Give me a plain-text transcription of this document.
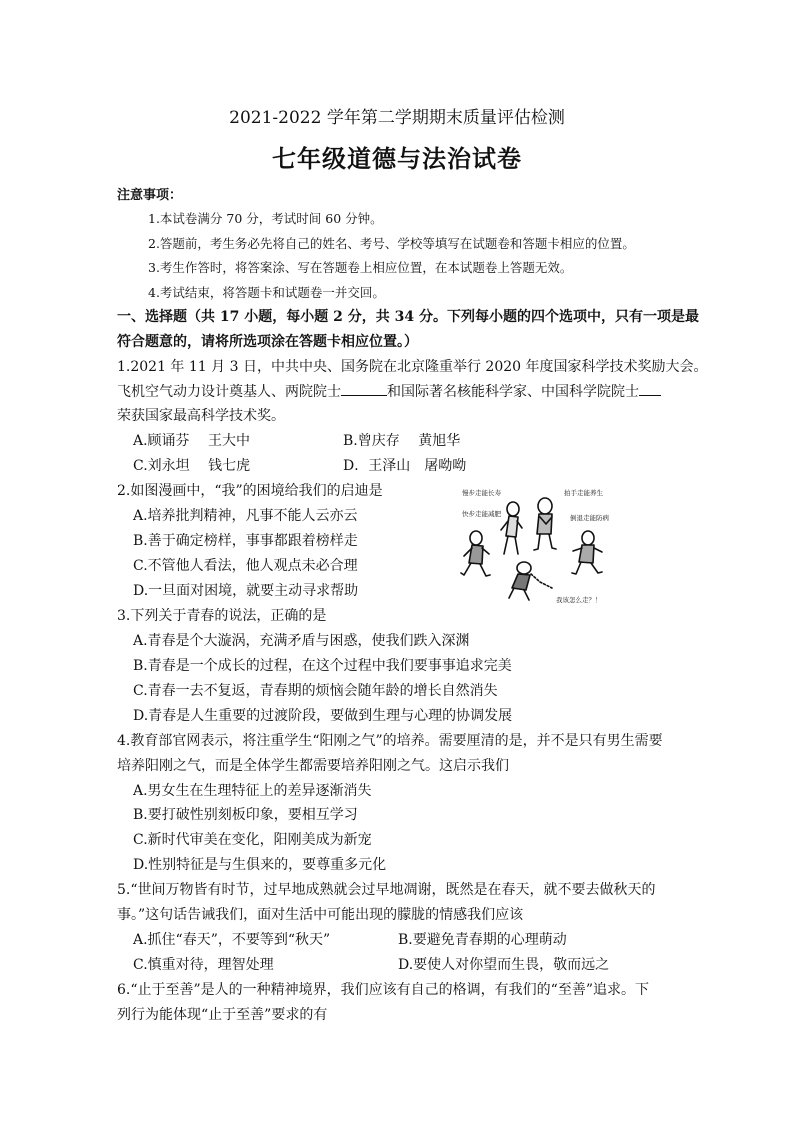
2021-2022 学年第二学期期末质量评估检测
七年级道德与法治试卷
注意事项：
1.本试卷满分 70 分，考试时间 60 分钟。
2.答题前，考生务必先将自己的姓名、考号、学校等填写在试题卷和答题卡相应的位置。
3.考生作答时，将答案涂、写在答题卷上相应位置，在本试题卷上答题无效。
4.考试结束，将答题卡和试题卷一并交回。
一、选择题（共 17 小题，每小题 2 分，共 34 分。下列每小题的四个选项中，只有一项是最
符合题意的，请将所选项涂在答题卡相应位置。）
1.2021 年 11 月 3 日，中共中央、国务院在北京隆重举行 2020 年度国家科学技术奖励大会。
飞机空气动力设计奠基人、两院院士	和国际著名核能科学家、中国科学院院士
荣获国家最高科学技术奖。
A.顾诵芬　 王大中	B.曾庆存　 黄旭华
C.刘永坦　 钱七虎	D．王泽山　屠呦呦
2.如图漫画中，“我”的困境给我们的启迪是
A.培养批判精神，凡事不能人云亦云
B.善于确定榜样，事事都跟着榜样走
C.不管他人看法，他人观点未必合理
D.一旦面对困境，就要主动寻求帮助
慢步走能长寿
快步走能减肥
拍手走能养生
倒退走能防病
我该怎么走？！
3.下列关于青春的说法，正确的是
A.青春是个大漩涡，充满矛盾与困惑，使我们跌入深渊
B.青春是一个成长的过程，在这个过程中我们要事事追求完美
C.青春一去不复返，青春期的烦恼会随年龄的增长自然消失
D.青春是人生重要的过渡阶段，要做到生理与心理的协调发展
4.教育部官网表示，将注重学生“阳刚之气”的培养。需要厘清的是，并不是只有男生需要
培养阳刚之气，而是全体学生都需要培养阳刚之气。这启示我们
A.男女生在生理特征上的差异逐渐消失
B.要打破性别刻板印象，要相互学习
C.新时代审美在变化，阳刚美成为新宠
D.性别特征是与生俱来的，要尊重多元化
5.“世间万物皆有时节，过早地成熟就会过早地凋谢，既然是在春天，就不要去做秋天的
事。”这句话告诫我们，面对生活中可能出现的朦胧的情感我们应该
A.抓住“春天”，不要等到“秋天”	B.要避免青春期的心理萌动
C.慎重对待，理智处理	D.要使人对你望而生畏，敬而远之
6.“止于至善”是人的一种精神境界，我们应该有自己的格调，有我们的“至善”追求。下
列行为能体现“止于至善”要求的有
